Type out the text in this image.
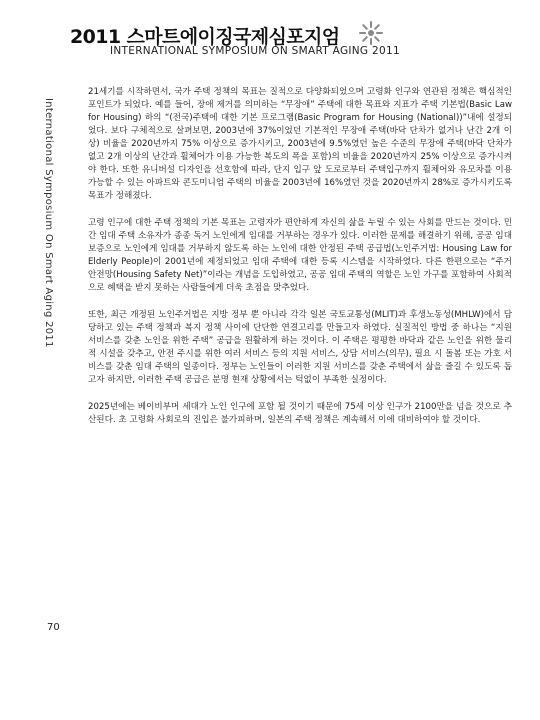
2011 스마트에이징국제심포지엄
INTERNATIONAL SYMPOSIUM ON SMART AGING 2011
International Symposium On Smart Aging 2011

21세기를 시작하면서, 국가 주택 정책의 목표는 질적으로 다양화되었으며 고령화 인구와 연관된 정책은 핵심적인 포인트가 되었다. 예를 들어, 장애 제거를 의미하는 “무장애” 주택에 대한 목표와 지표가 주택 기본법(Basic Law for Housing) 하의 “(전국)주택에 대한 기본 프로그램(Basic Program for Housing (National))”내에 설정되었다. 보다 구체적으로 살펴보면, 2003년에 37%이었던 기본적인 무장애 주택(바닥 단차가 없거나 난간 2개 이상) 비율을 2020년까지 75% 이상으로 증가시키고, 2003년에 9.5%였던 높은 수준의 무장애 주택(바닥 단차가 없고 2개 이상의 난간과 휠체어가 이용 가능한 복도의 폭을 포함)의 비율을 2020년까지 25% 이상으로 증가시켜야 한다. 또한 유니버설 디자인을 선호함에 따라, 단지 입구 앞 도로로부터 주택입구까지 휠체어와 유모차를 이용 가능할 수 있는 아파트와 콘도미니엄 주택의 비율을 2003년에 16%였던 것을 2020년까지 28%로 증가시키도록 목표가 정해졌다.

고령 인구에 대한 주택 정책의 기본 목표는 고령자가 편안하게 자신의 삶을 누릴 수 있는 사회를 만드는 것이다. 민간 임대 주택 소유자가 종종 독거 노인에게 임대를 거부하는 경우가 있다. 이러한 문제를 해결하기 위해, 공공 임대 보증으로 노인에게 임대를 거부하지 않도록 하는 노인에 대한 안정된 주택 공급법(노인주거법: Housing Law for Elderly People)이 2001년에 제정되었고 임대 주택에 대한 등록 시스템을 시작하였다. 다른 한편으로는 “주거 안전망(Housing Safety Net)”이라는 개념을 도입하였고, 공공 임대 주택의 역할은 노인 가구를 포함하여 사회적으로 혜택을 받지 못하는 사람들에게 더욱 초점을 맞추었다.

또한, 최근 개정된 노인주거법은 지방 정부 뿐 아니라 각각 일본 국토교통성(MLIT)과 후생노동성(MHLW)에서 담당하고 있는 주택 정책과 복지 정책 사이에 단단한 연결고리를 만들고자 하였다. 실질적인 방법 중 하나는 “지원 서비스를 갖춘 노인을 위한 주택” 공급을 원활하게 하는 것이다. 이 주택은 평평한 바닥과 같은 노인을 위한 물리적 시설을 갖추고, 안전 주시를 위한 여러 서비스 등의 지원 서비스, 상담 서비스(의무), 필요 시 돌봄 또는 가호 서비스를 갖춘 임대 주택의 일종이다. 정부는 노인들이 이러한 지원 서비스를 갖춘 주택에서 삶을 즐길 수 있도록 돕고자 하지만, 이러한 주택 공급은 분명 현재 상황에서는 턱없이 부족한 실정이다.

2025년에는 베이비부머 세대가 노인 인구에 포함 될 것이기 때문에 75세 이상 인구가 2100만을 넘을 것으로 추산된다. 초 고령화 사회로의 진입은 불가피하며, 일본의 주택 정책은 계속해서 이에 대비하여야 할 것이다.

70
